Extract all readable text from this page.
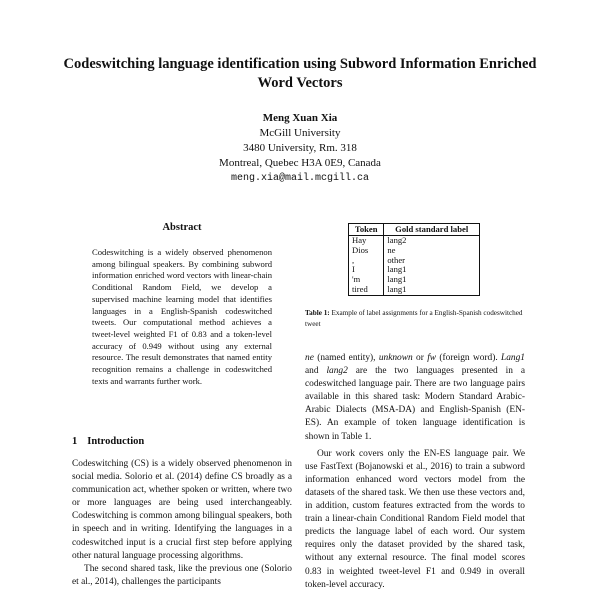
Codeswitching language identification using Subword Information Enriched Word Vectors
Meng Xuan Xia
McGill University
3480 University, Rm. 318
Montreal, Quebec H3A 0E9, Canada
meng.xia@mail.mcgill.ca
Abstract

Codeswitching is a widely observed phenomenon among bilingual speakers. By combining subword information enriched word vectors with linear-chain Conditional Random Field, we develop a supervised machine learning model that identifies languages in a English-Spanish codeswitched tweets. Our computational method achieves a tweet-level weighted F1 of 0.83 and a token-level accuracy of 0.949 without using any external resource. The result demonstrates that named entity recognition remains a challenge in codeswitched texts and warrants further work.

1 Introduction

Codeswitching (CS) is a widely observed phenomenon in social media. Solorio et al. (2014) define CS broadly as a communication act, whether spoken or written, where two or more languages are being used interchangeably. Codeswitching is common among bilingual speakers, both in speech and in writing. Identifying the languages in a codeswitched input is a crucial first step before applying other natural language processing algorithms.

The second shared task, like the previous one (Solorio et al., 2014), challenges the participants

Token	Gold standard label
Hay	lang2
Dios	ne
,	other
I	lang1
'm	lang1
tired	lang1
Table 1: Example of label assignments for a English-Spanish codeswitched tweet

ne (named entity), unknown or fw (foreign word). Lang1 and lang2 are the two languages presented in a codeswitched language pair. There are two language pairs available in this shared task: Modern Standard Arabic-Arabic Dialects (MSA-DA) and English-Spanish (EN-ES). An example of token language identification is shown in Table 1.

Our work covers only the EN-ES language pair. We use FastText (Bojanowski et al., 2016) to train a subword information enhanced word vectors model from the datasets of the shared task. We then use these vectors and, in addition, custom features extracted from the words to train a linear-chain Conditional Random Field model that predicts the language label of each word. Our system requires only the dataset provided by the shared task, without any external resource. The final model scores 0.83 in weighted tweet-level F1 and 0.949 in overall token-level accuracy.
